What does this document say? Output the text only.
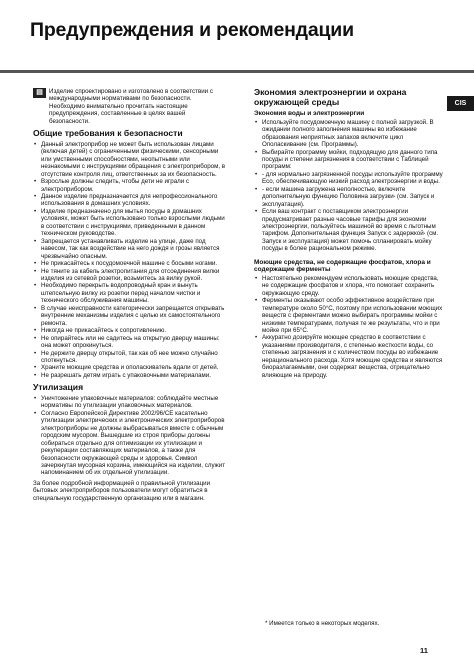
Предупреждения и рекомендации
CIS
▤ Изделие спроектировано и изготовлено в соответствии с международными нормативами по безопасности. Необходимо внимательно прочитать настоящие предупреждения, составленные в целях вашей безопасности.

Общие требования к безопасности
• Данный электроприбор не может быть использован лицами (включая детей) с ограниченными физическими, сенсорными или умственными способностями, неопытными или незнакомыми с инструкциями обращения с электроприбором, в отсутствие контроля лиц, ответственных за их безопасность.
• Взрослые должны следить, чтобы дети не играли с электроприбором.
• Данное изделие предназначается для непрофессионального использования в домашних условиях.
• Изделие предназначено для мытья посуды в домашних условиях, может быть использовано только взрослыми людьми в соответствии с инструкциями, приведенными в данном техническом руководстве.
• Запрещается устанавливать изделие на улице, даже под навесом, так как воздействие на него дождя и грозы является чрезвычайно опасным.
• Не прикасайтесь к посудомоечной машине с босыми ногами.
• Не тяните за кабель электропитания для отсоединения вилки изделия из сетевой розетки, возьмитесь за вилку рукой.
• Необходимо перекрыть водопроводный кран и вынуть штепсельную вилку из розетки перед началом чистки и технического обслуживания машины.
• В случае неисправности категорически запрещается открывать внутренние механизмы изделия с целью их самостоятельного ремонта.
• Никогда не прикасайтесь к сопротивлению.
• Не опирайтесь или не садитесь на открытую дверцу машины: она может опрокинуться.
• Не держите дверцу открытой, так как об нее можно случайно споткнуться.
• Храните моющие средства и ополаскиватель вдали от детей.
• Не разрешать детям играть с упаковочными материалами.
Утилизация
• Уничтожение упаковочных материалов: соблюдайте местные нормативы по утилизации упаковочных материалов.
• Согласно Европейской Директиве 2002/96/CE касательно утилизации электрических и электронических электроприборов электроприборы не должны выбрасываться вместе с обычным городским мусором. Вышедшие из строя приборы должны собираться отдельно для оптимизации их утилизации и рекуперации составляющих материалов, а также для безопасности окружающей среды и здоровья. Символ зачеркнутая мусорная корзина, имеющийся на изделии, служит напоминанием об их отдельной утилизации.

За более подробной информацией о правильной утилизации бытовых электроприборов пользователи могут обратиться в специальную государственную организацию или в магазин.

Экономия электроэнергии и охрана окружающей среды
Экономия воды и электроэнергии
• Используйте посудомоечную машину с полной загрузкой. В ожидании полного заполнения машины во избежание образования неприятных запахов включите цикл Ополаскивание (см. Программы).
• Выбирайте программу мойки, подходящую для данного типа посуды и степени загрязнения в соответствии с Таблицей программ:
• - для нормально загрязненной посуды используйте программу Eco, обеспечивающую низкий расход электроэнергии и воды.
• - если машина загружена неполностью, включите дополнительную функцию Половина загрузки* (см. Запуск и эксплуатация).
• Если ваш контракт с поставщиком электроэнергии предусматривает разные часовые тарифы для экономии электроэнергии, пользуйтесь машиной во время с льготным тарифом. Дополнительная функция Запуск с задержкой* (см. Запуск и эксплуатация) может помочь спланировать мойку посуды в более рациональном режиме.
Моющие средства, не содержащие фосфатов, хлора и содержащие ферменты
• Настоятельно рекомендуем использовать моющие средства, не содержащие фосфатов и хлора, что помогает сохранить окружающую среду.
• Ферменты оказывают особо эффективное воздействие при температуре около 50°С, поэтому при использовании моющих веществ с ферментами можно выбирать программы мойки с низкими температурами, получая те же результаты, что и при мойке при 65°С.
• Аккуратно дозируйте моющее средство в соответствии с указаниями производителя, с степенью жесткости воды, со степенью загрязнения и с количеством посуды во избежание нерационального расхода. Хотя моющие средства и являются биоразлагаемыми, они содержат вещества, отрицательно влияющие на природу.
* Имеется только в некоторых моделях.
11
